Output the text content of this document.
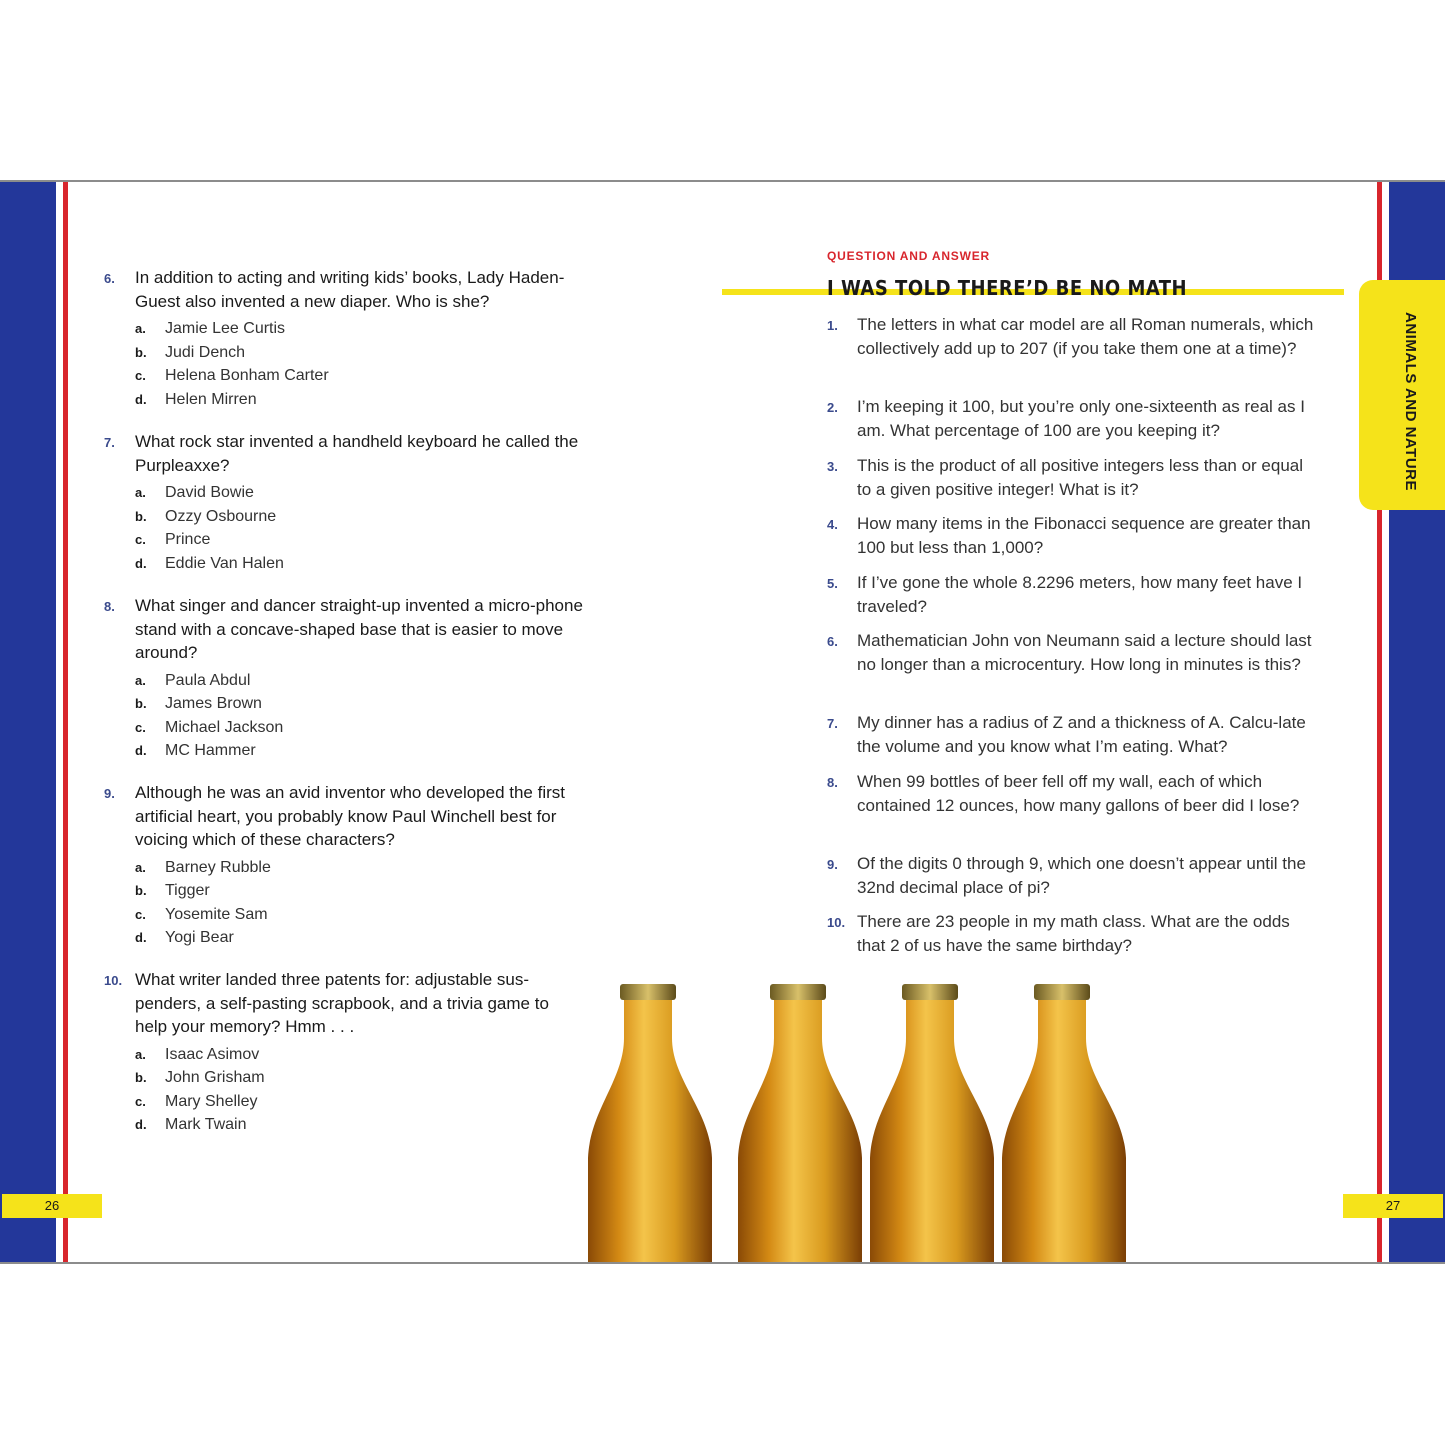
26	27
ANIMALS AND NATURE

6. In addition to acting and writing kids’ books, Lady Haden-Guest also invented a new diaper. Who is she?

a. Jamie Lee Curtis
b. Judi Dench
c. Helena Bonham Carter
d. Helen Mirren

7. What rock star invented a handheld keyboard he called the Purpleaxxe?

a. David Bowie
b. Ozzy Osbourne
c. Prince
d. Eddie Van Halen

8. What singer and dancer straight-up invented a micro-phone stand with a concave-shaped base that is easier to move around?

a. Paula Abdul
b. James Brown
c. Michael Jackson
d. MC Hammer

9. Although he was an avid inventor who developed the first artificial heart, you probably know Paul Winchell best for voicing which of these characters?

a. Barney Rubble
b. Tigger
c. Yosemite Sam
d. Yogi Bear

10. What writer landed three patents for: adjustable sus-penders, a self-pasting scrapbook, and a trivia game to help your memory? Hmm . . .

a. Isaac Asimov
b. John Grisham
c. Mary Shelley
d. Mark Twain
QUESTION AND ANSWER
I WAS TOLD THERE’D BE NO MATH

1. The letters in what car model are all Roman numerals, which collectively add up to 207 (if you take them one at a time)?

2. I’m keeping it 100, but you’re only one-sixteenth as real as I am. What percentage of 100 are you keeping it?

3. This is the product of all positive integers less than or equal to a given positive integer! What is it?

4. How many items in the Fibonacci sequence are greater than 100 but less than 1,000?

5. If I’ve gone the whole 8.2296 meters, how many feet have I traveled?

6. Mathematician John von Neumann said a lecture should last no longer than a microcentury. How long in minutes is this?

7. My dinner has a radius of Z and a thickness of A. Calcu-late the volume and you know what I’m eating. What?

8. When 99 bottles of beer fell off my wall, each of which contained 12 ounces, how many gallons of beer did I lose?

9. Of the digits 0 through 9, which one doesn’t appear until the 32nd decimal place of pi?

10. There are 23 people in my math class. What are the odds that 2 of us have the same birthday?
